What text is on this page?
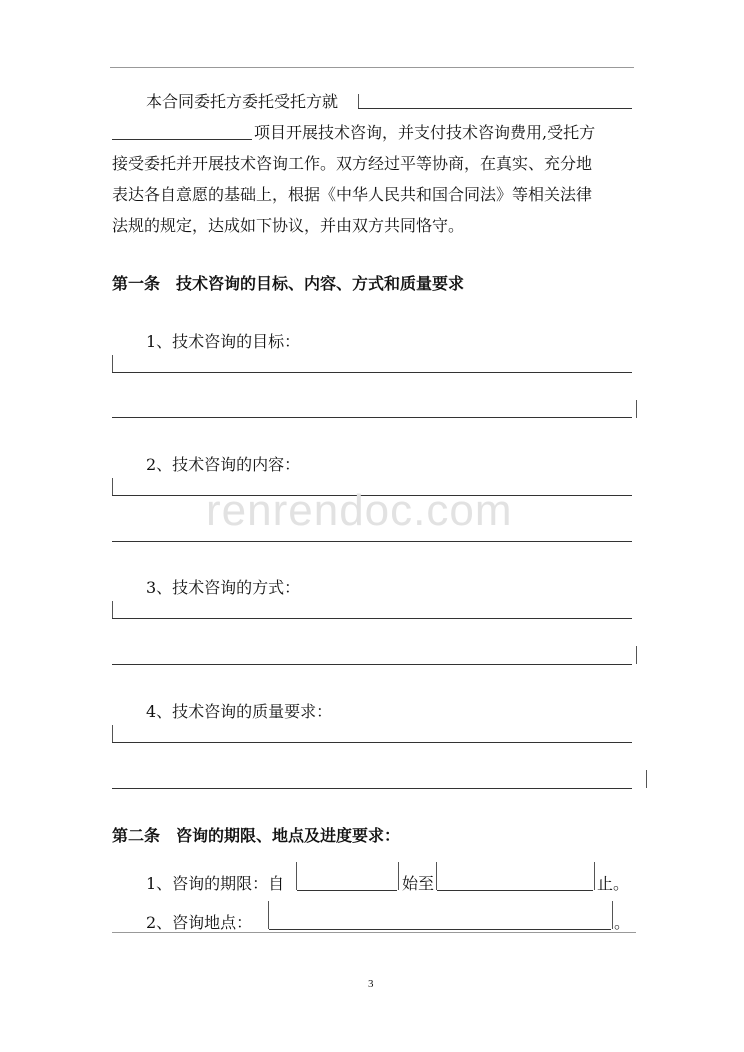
本合同委托方委托受托方就
项目开展技术咨询，并支付技术咨询费用,受托方
接受委托并开展技术咨询工作。双方经过平等协商，在真实、充分地
表达各自意愿的基础上，根据《中华人民共和国合同法》等相关法律
法规的规定，达成如下协议，并由双方共同恪守。
第一条　技术咨询的目标、内容、方式和质量要求
1、技术咨询的目标：
2、技术咨询的内容：
3、技术咨询的方式：
4、技术咨询的质量要求：
第二条　咨询的期限、地点及进度要求：
1、咨询的期限：自	始至	止。
2、咨询地点：	。
renrendoc.com
3
